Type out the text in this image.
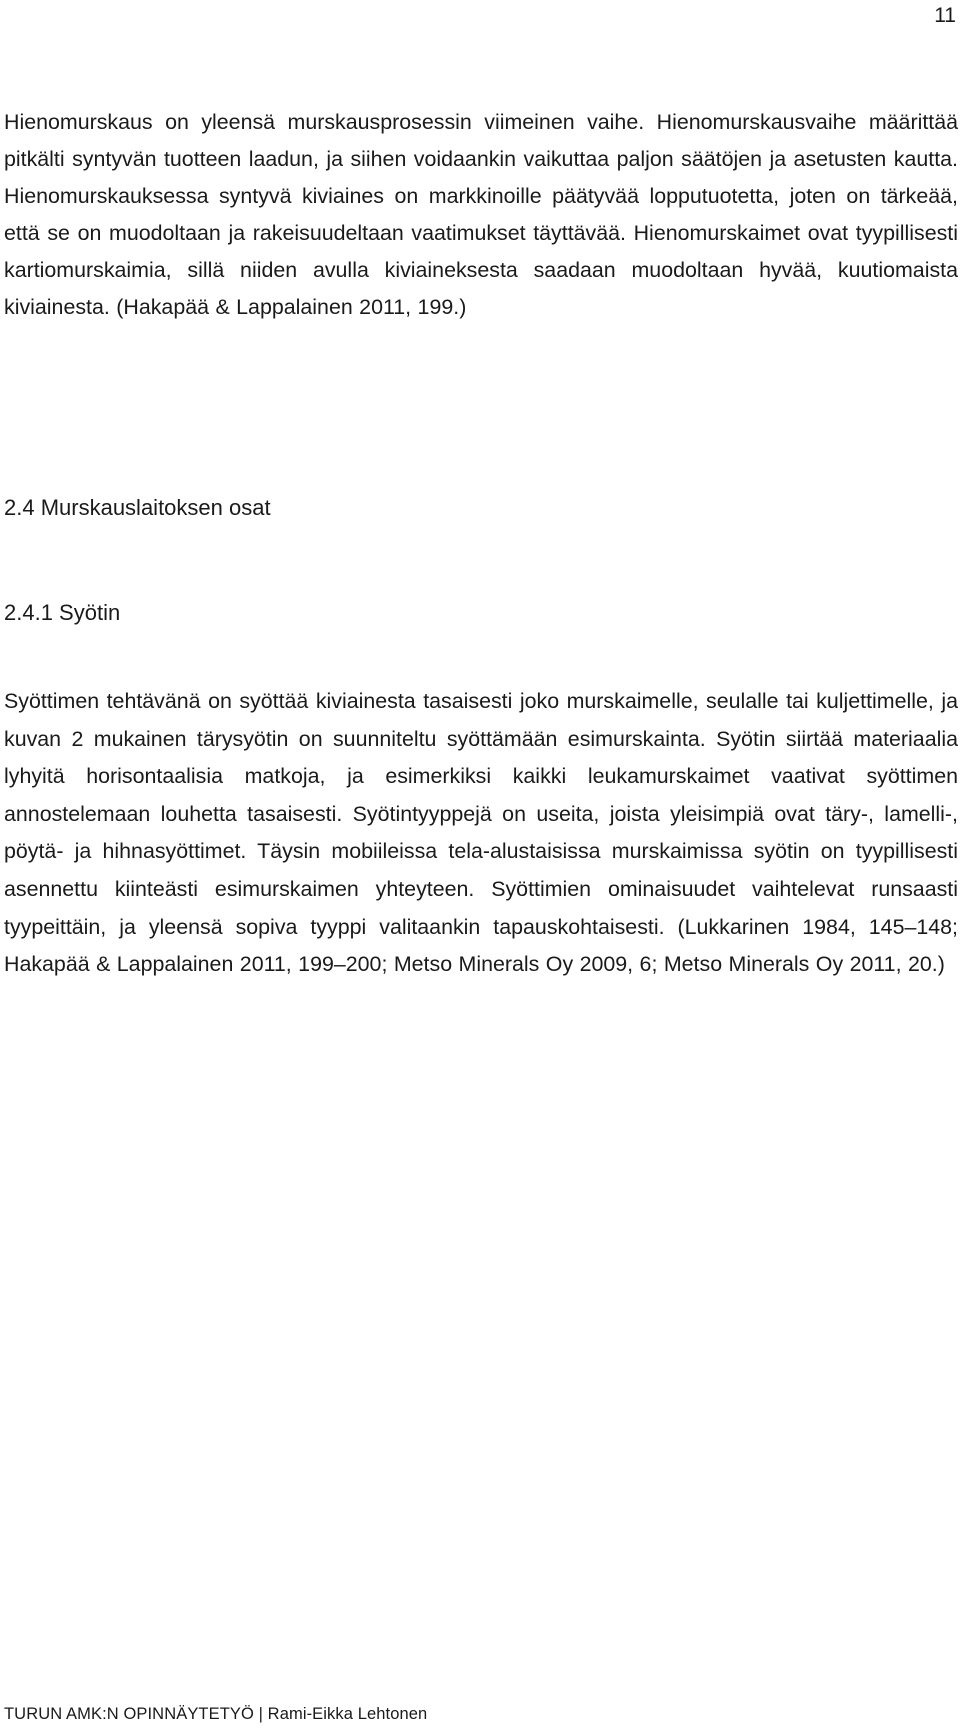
11

Hienomurskaus on yleensä murskausprosessin viimeinen vaihe. Hienomurskausvaihe määrittää pitkälti syntyvän tuotteen laadun, ja siihen voidaankin vaikuttaa paljon säätöjen ja asetusten kautta. Hienomurskauksessa syntyvä kiviaines on markkinoille päätyvää lopputuotetta, joten on tärkeää, että se on muodoltaan ja rakeisuudeltaan vaatimukset täyttävää. Hienomurskaimet ovat tyypillisesti kartiomurskaimia, sillä niiden avulla kiviaineksesta saadaan muodoltaan hyvää, kuutiomaista kiviainesta. (Hakapää & Lappalainen 2011, 199.)

2.4 Murskauslaitoksen osat
2.4.1 Syötin

Syöttimen tehtävänä on syöttää kiviainesta tasaisesti joko murskaimelle, seulalle tai kuljettimelle, ja kuvan 2 mukainen tärysyötin on suunniteltu syöttämään esimurskainta. Syötin siirtää materiaalia lyhyitä horisontaalisia matkoja, ja esimerkiksi kaikki leukamurskaimet vaativat syöttimen annostelemaan louhetta tasaisesti. Syötintyyppejä on useita, joista yleisimpiä ovat täry-, lamelli-, pöytä- ja hihnasyöttimet. Täysin mobiileissa tela-alustaisissa murskaimissa syötin on tyypillisesti asennettu kiinteästi esimurskaimen yhteyteen. Syöttimien ominaisuudet vaihtelevat runsaasti tyypeittäin, ja yleensä sopiva tyyppi valitaankin tapauskohtaisesti. (Lukkarinen 1984, 145–148; Hakapää & Lappalainen 2011, 199–200; Metso Minerals Oy 2009, 6; Metso Minerals Oy 2011, 20.)

TURUN AMK:N OPINNÄYTETYÖ | Rami-Eikka Lehtonen
